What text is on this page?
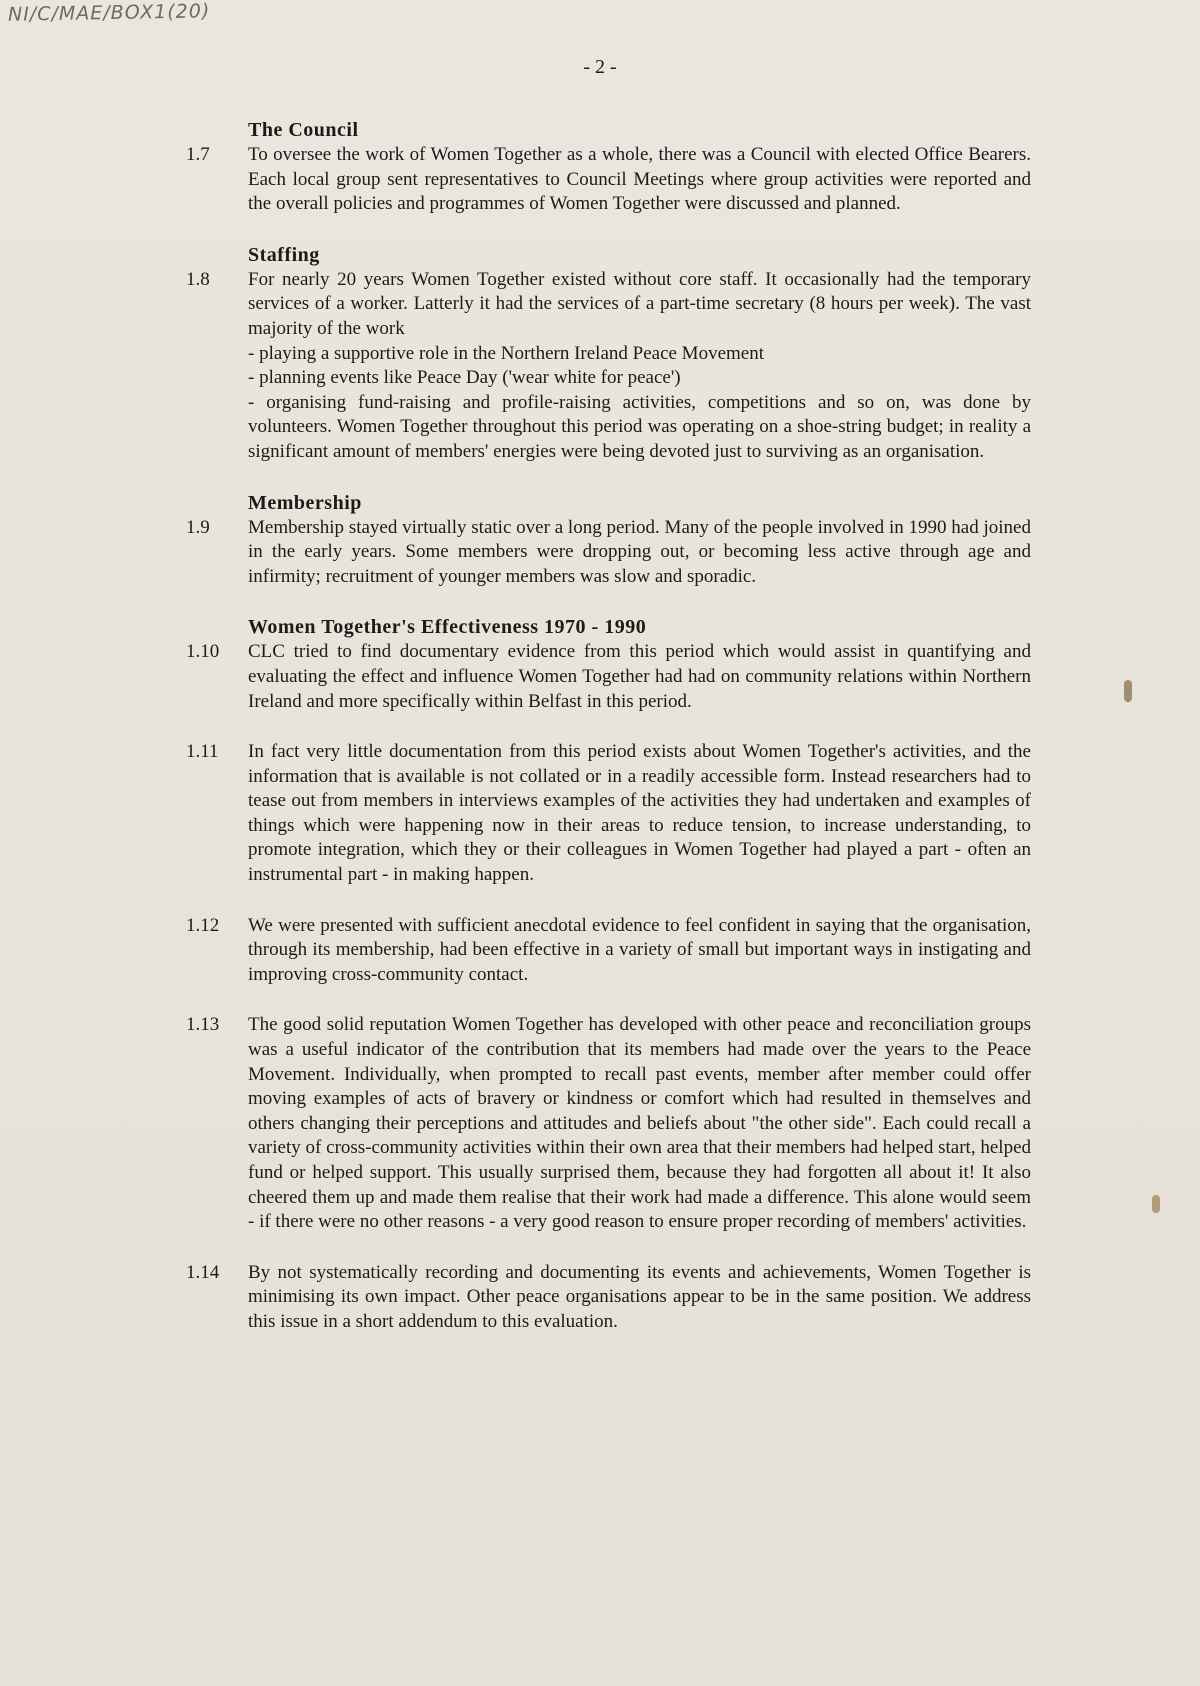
NI/C/MAE/BOX1(20)
- 2 -
The Council
1.7	To oversee the work of Women Together as a whole, there was a Council with elected Office Bearers. Each local group sent representatives to Council Meetings where group activities were reported and the overall policies and programmes of Women Together were discussed and planned.
Staffing
1.8	For nearly 20 years Women Together existed without core staff. It occasionally had the temporary services of a worker. Latterly it had the services of a part-time secretary (8 hours per week). The vast majority of the work
- playing a supportive role in the Northern Ireland Peace Movement
- planning events like Peace Day ('wear white for peace')
- organising fund-raising and profile-raising activities, competitions and so on, was done by volunteers. Women Together throughout this period was operating on a shoe-string budget; in reality a significant amount of members' energies were being devoted just to surviving as an organisation.
Membership
1.9	Membership stayed virtually static over a long period. Many of the people involved in 1990 had joined in the early years. Some members were dropping out, or becoming less active through age and infirmity; recruitment of younger members was slow and sporadic.
Women Together's Effectiveness 1970 - 1990
1.10	CLC tried to find documentary evidence from this period which would assist in quantifying and evaluating the effect and influence Women Together had had on community relations within Northern Ireland and more specifically within Belfast in this period.
1.11	In fact very little documentation from this period exists about Women Together's activities, and the information that is available is not collated or in a readily accessible form. Instead researchers had to tease out from members in interviews examples of the activities they had undertaken and examples of things which were happening now in their areas to reduce tension, to increase understanding, to promote integration, which they or their colleagues in Women Together had played a part - often an instrumental part - in making happen.
1.12	We were presented with sufficient anecdotal evidence to feel confident in saying that the organisation, through its membership, had been effective in a variety of small but important ways in instigating and improving cross-community contact.
1.13	The good solid reputation Women Together has developed with other peace and reconciliation groups was a useful indicator of the contribution that its members had made over the years to the Peace Movement. Individually, when prompted to recall past events, member after member could offer moving examples of acts of bravery or kindness or comfort which had resulted in themselves and others changing their perceptions and attitudes and beliefs about "the other side". Each could recall a variety of cross-community activities within their own area that their members had helped start, helped fund or helped support. This usually surprised them, because they had forgotten all about it! It also cheered them up and made them realise that their work had made a difference. This alone would seem - if there were no other reasons - a very good reason to ensure proper recording of members' activities.
1.14	By not systematically recording and documenting its events and achievements, Women Together is minimising its own impact. Other peace organisations appear to be in the same position. We address this issue in a short addendum to this evaluation.
